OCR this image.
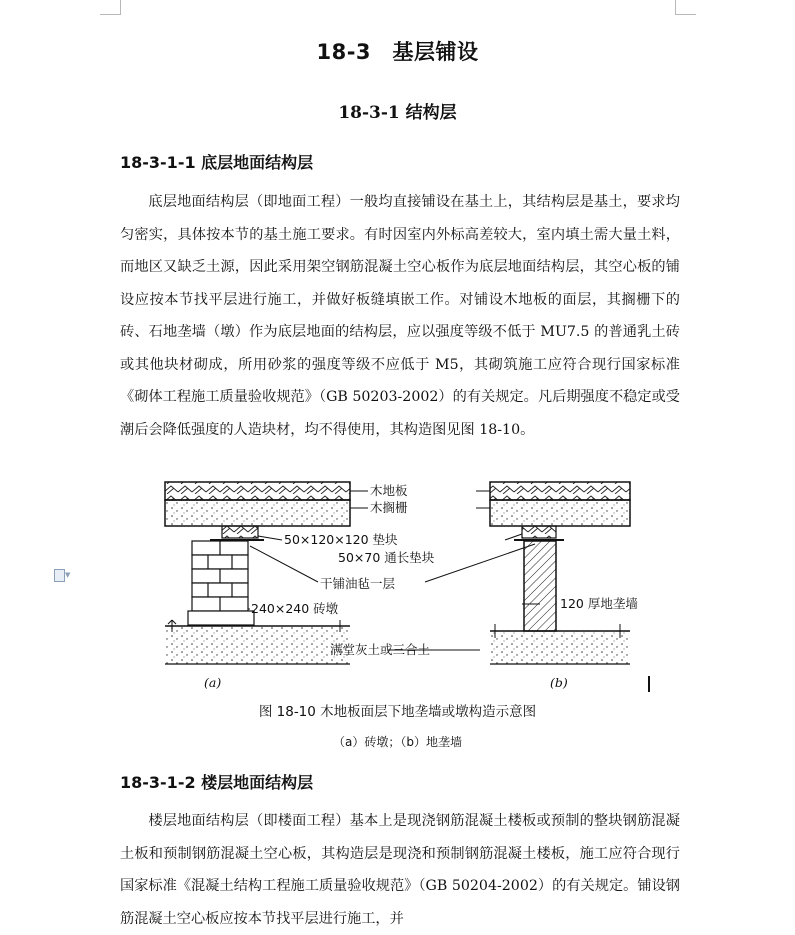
▼
18-3　基层铺设
18-3-1 结构层
18-3-1-1 底层地面结构层

底层地面结构层（即地面工程）一般均直接铺设在基土上，其结构层是基土，要求均匀密实，具体按本节的基土施工要求。有时因室内外标高差较大，室内填土需大量土料，而地区又缺乏土源，因此采用架空钢筋混凝土空心板作为底层地面结构层，其空心板的铺设应按本节找平层进行施工，并做好板缝填嵌工作。对铺设木地板的面层，其搁栅下的砖、石地垄墙（墩）作为底层地面的结构层，应以强度等级不低于 MU7.5 的普通乳土砖或其他块材砌成，所用砂浆的强度等级不应低于 M5，其砌筑施工应符合现行国家标准《砌体工程施工质量验收规范》（GB 50203-2002）的有关规定。凡后期强度不稳定或受潮后会降低强度的人造块材，均不得使用，其构造图见图 18-10。

木地板
木搁栅
50×120×120 垫块
50×70 通长垫块
干铺油毡一层
240×240 砖墩	120 厚地垄墙
满堂灰土或三合土
(a)	(b)

图 18-10 木地板面层下地垄墙或墩构造示意图

（a）砖墩；（b）地垄墙

18-3-1-2 楼层地面结构层

楼层地面结构层（即楼面工程）基本上是现浇钢筋混凝土楼板或预制的整块钢筋混凝土板和预制钢筋混凝土空心板，其构造层是现浇和预制钢筋混凝土楼板，施工应符合现行国家标准《混凝土结构工程施工质量验收规范》（GB 50204-2002）的有关规定。铺设钢筋混凝土空心板应按本节找平层进行施工，并
